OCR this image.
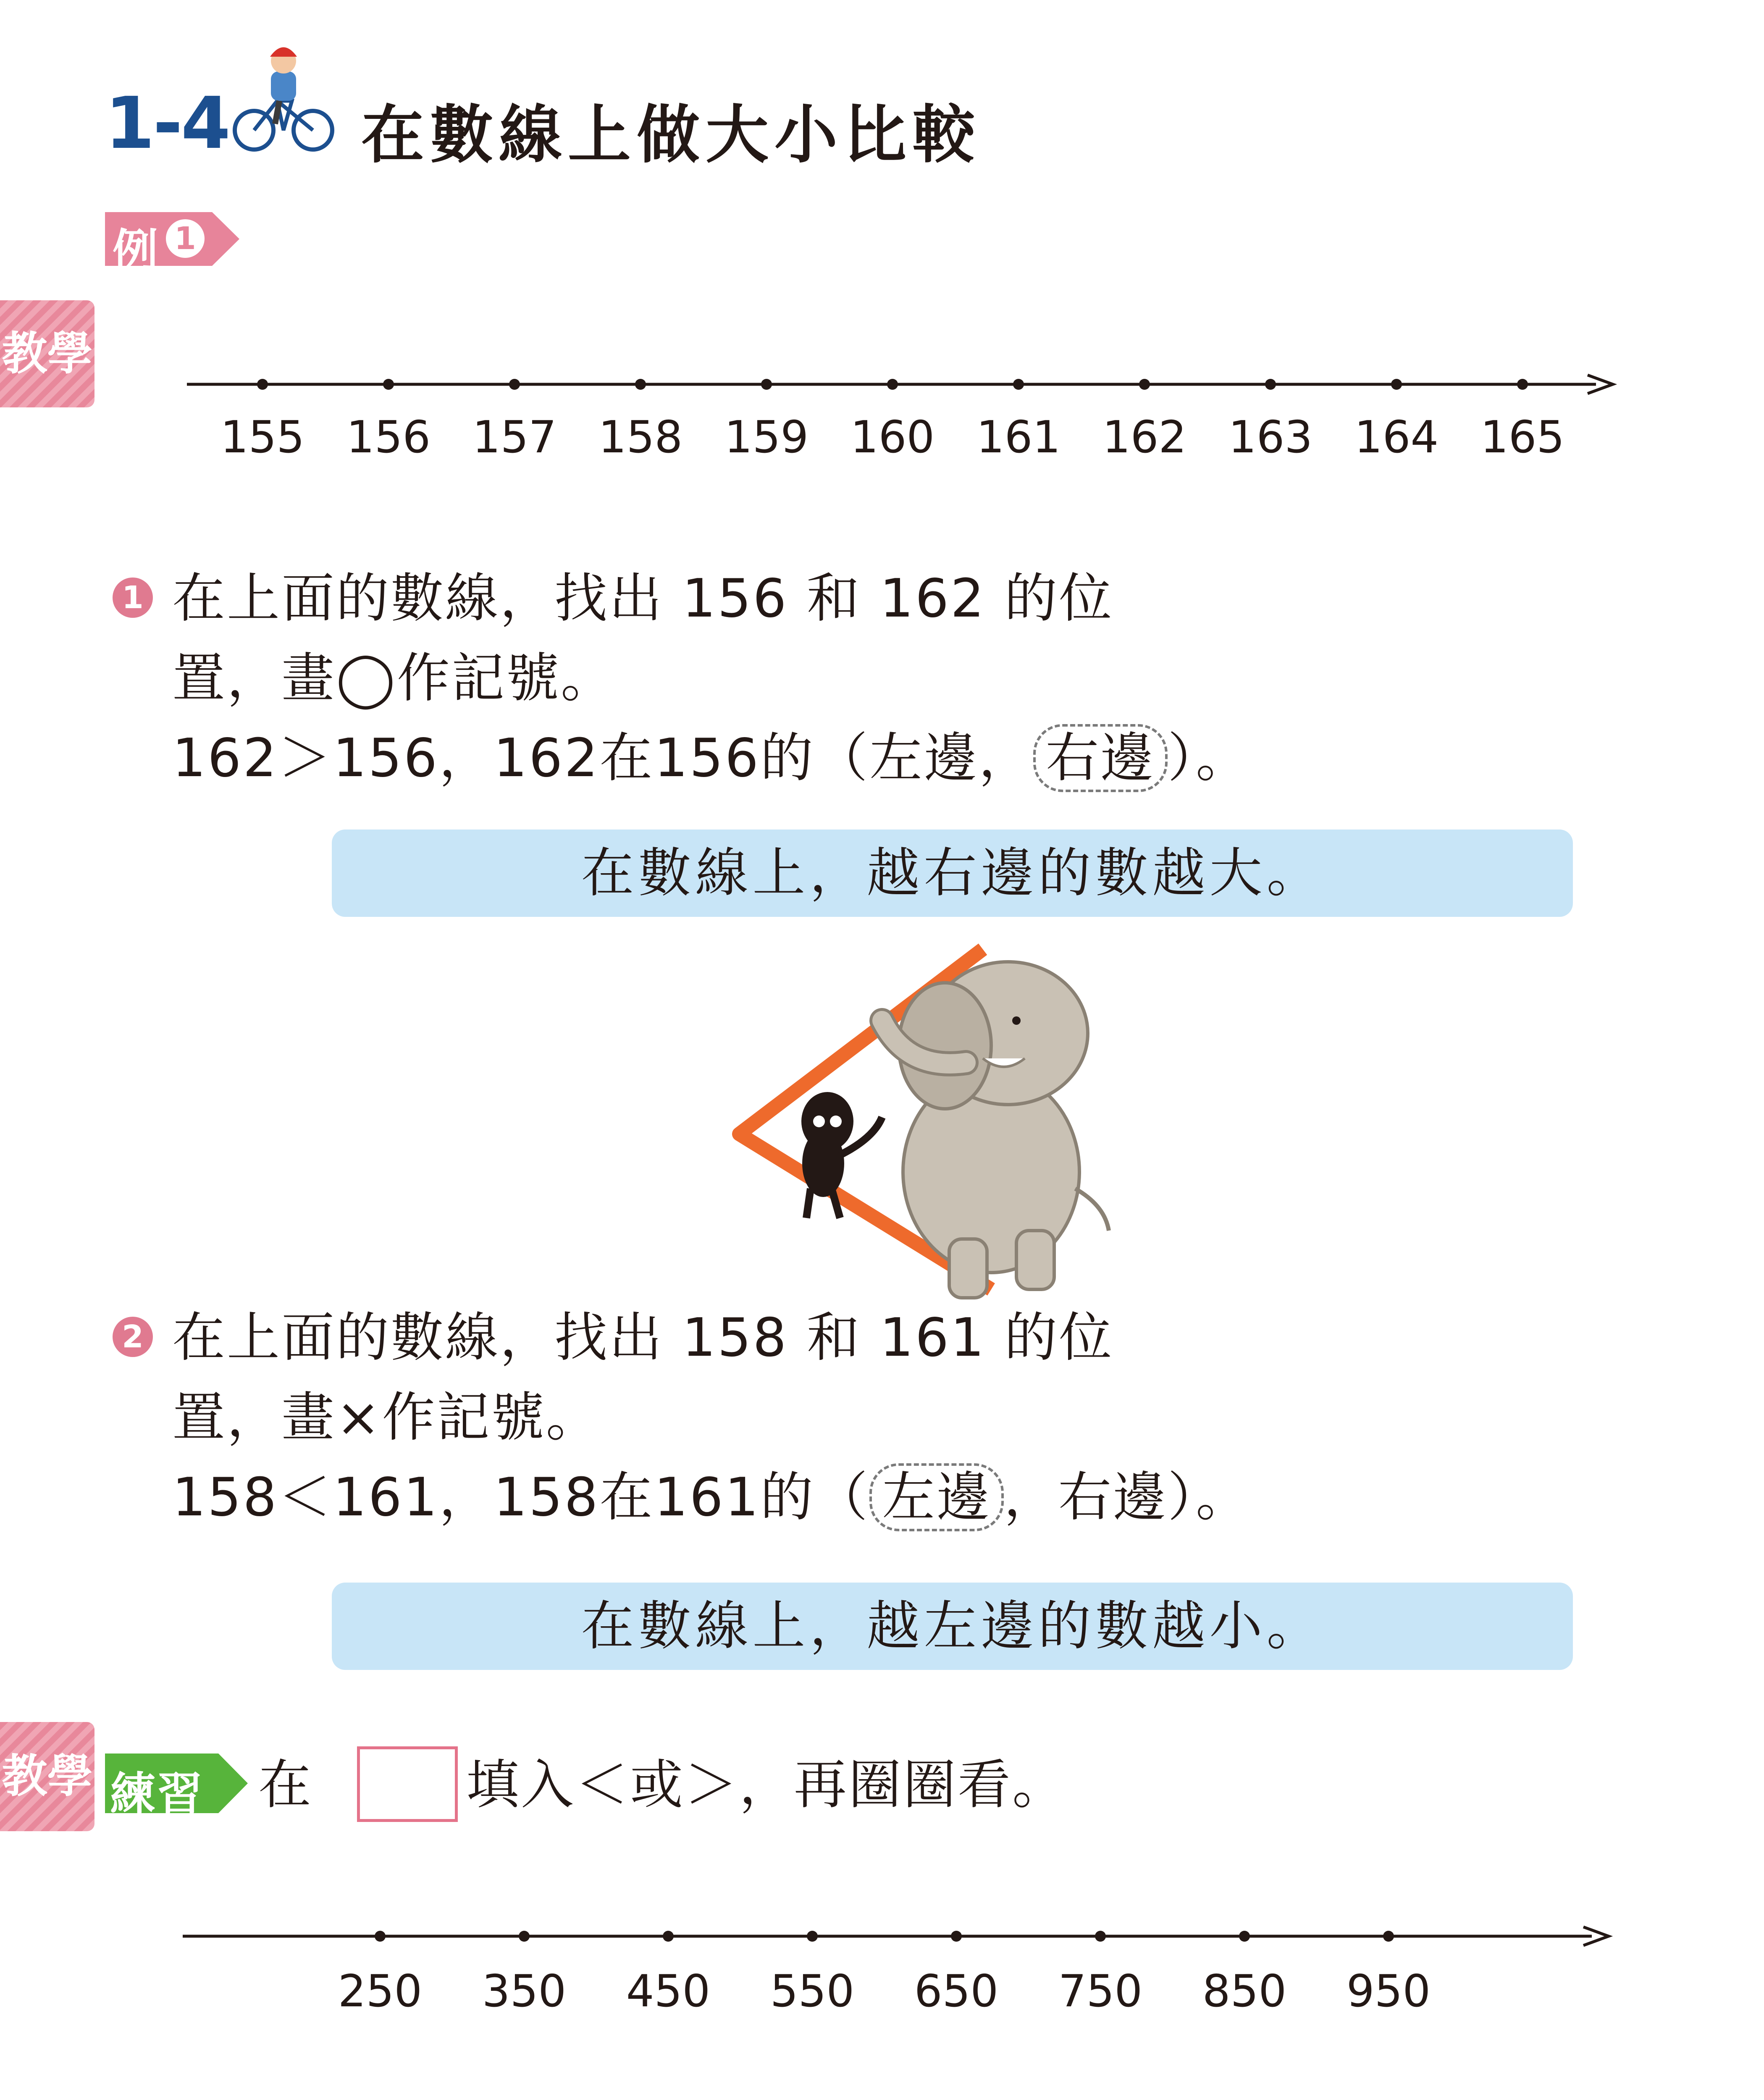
1-4 在數線上做大小比較
例 1
教學
155 156 157 158 159 160 161 162 163 164 165
1 在上面的數線，找出 156 和 162 的位
置，畫◯作記號。
162＞156，162在156的（左邊， 右邊 ）。
在數線上，越右邊的數越大。
2 在上面的數線，找出 158 和 161 的位
置，畫×作記號。
158＜161，158在161的（ 左邊 ，右邊）。
在數線上，越左邊的數越小。
教學 練習 在	填入＜或＞，再圈圈看。
250 350 450 550 650 750 850 950
